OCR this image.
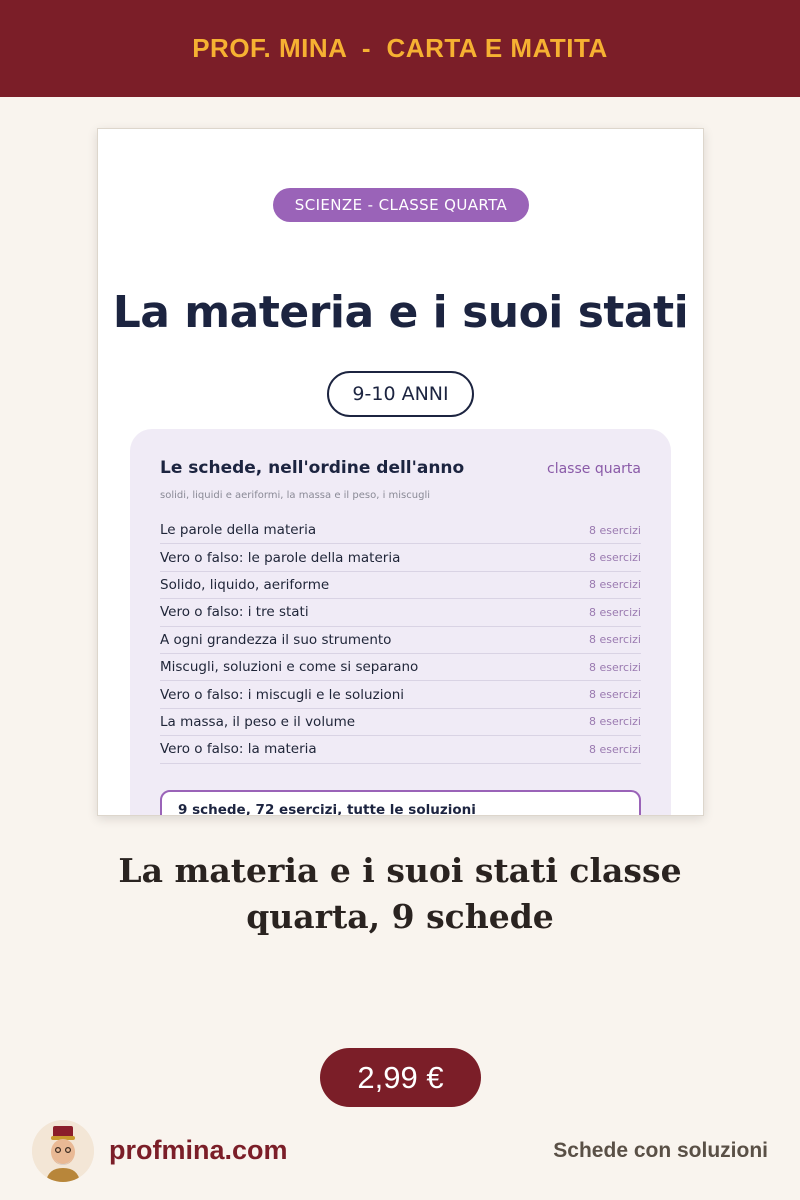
PROF. MINA  -  CARTA E MATITA
SCIENZE - CLASSE QUARTA
La materia e i suoi stati
9-10 ANNI
Le schede, nell'ordine dell'anno	classe quarta
solidi, liquidi e aeriformi, la massa e il peso, i miscugli
Le parole della materia	8 esercizi
Vero o falso: le parole della materia	8 esercizi
Solido, liquido, aeriforme	8 esercizi
Vero o falso: i tre stati	8 esercizi
A ogni grandezza il suo strumento	8 esercizi
Miscugli, soluzioni e come si separano	8 esercizi
Vero o falso: i miscugli e le soluzioni	8 esercizi
La massa, il peso e il volume	8 esercizi
Vero o falso: la materia	8 esercizi
9 schede, 72 esercizi, tutte le soluzioni
La materia e i suoi stati classe quarta, 9 schede
2,99 €
profmina.com	Schede con soluzioni
